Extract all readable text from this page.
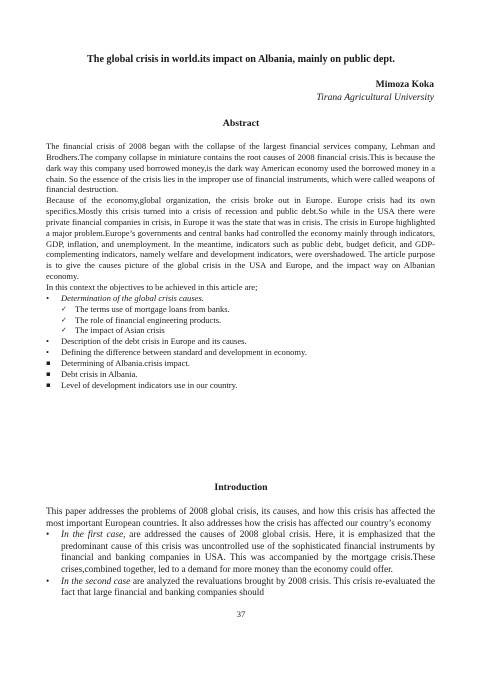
The global crisis in world.its impact on Albania, mainly on public dept.
Mimoza Koka
Tirana Agricultural University
Abstract

The financial crisis of 2008 began with the collapse of the largest financial services company, Lehman and Brodhers.The company collapse in miniature contains the root causes of 2008 financial crisis.This is because the dark way this company used borrowed money,is the dark way American economy used the borrowed money in a chain. So the essence of the crisis lies in the improper use of financial instruments, which were called weapons of financial destruction.

Because of the economy,global organization, the crisis broke out in Europe. Europe crisis had its own specifics.Mostly this crisis turned into a crisis of recession and public debt.So while in the USA there were private financial companies in crisis, in Europe it was the state that was in crisis. The crisis in Europe highlighted a major problem.Europe’s governments and central banks had controlled the economy mainly through indicators, GDP, inflation, and unemployment. In the meantime, indicators such as public debt, budget deficit, and GDP-complementing indicators, namely welfare and development indicators, were overshadowed. The article purpose is to give the causes picture of the global crisis in the USA and Europe, and the impact way on Albanian economy.

In this context the objectives to be achieved in this article are;

• Determination of the global crisis causes.
✓ The terms use of mortgage loans from banks.
✓ The role of financial engineering products.
✓ The impact of Asian crisis
• Description of the debt crisis in Europe and its causes.
• Defining the difference between standard and development in economy.
▪ Determining of Albania.crisis impact.
▪ Debt crisis in Albania.
▪ Level of development indicators use in our country.
Introduction

This paper addresses the problems of 2008 global crisis, its causes, and how this crisis has affected the most important European countries. It also addresses how the crisis has affected our country’s economy

• In the first case, are addressed the causes of 2008 global crisis. Here, it is emphasized that the predominant cause of this crisis was uncontrolled use of the sophisticated financial instruments by financial and banking companies in USA. This was accompanied by the mortgage crisis.These crises,combined together, led to a demand for more money than the economy could offer.
• In the second case are analyzed the revaluations brought by 2008 crisis. This crisis re-evaluated the fact that large financial and banking companies should
37
